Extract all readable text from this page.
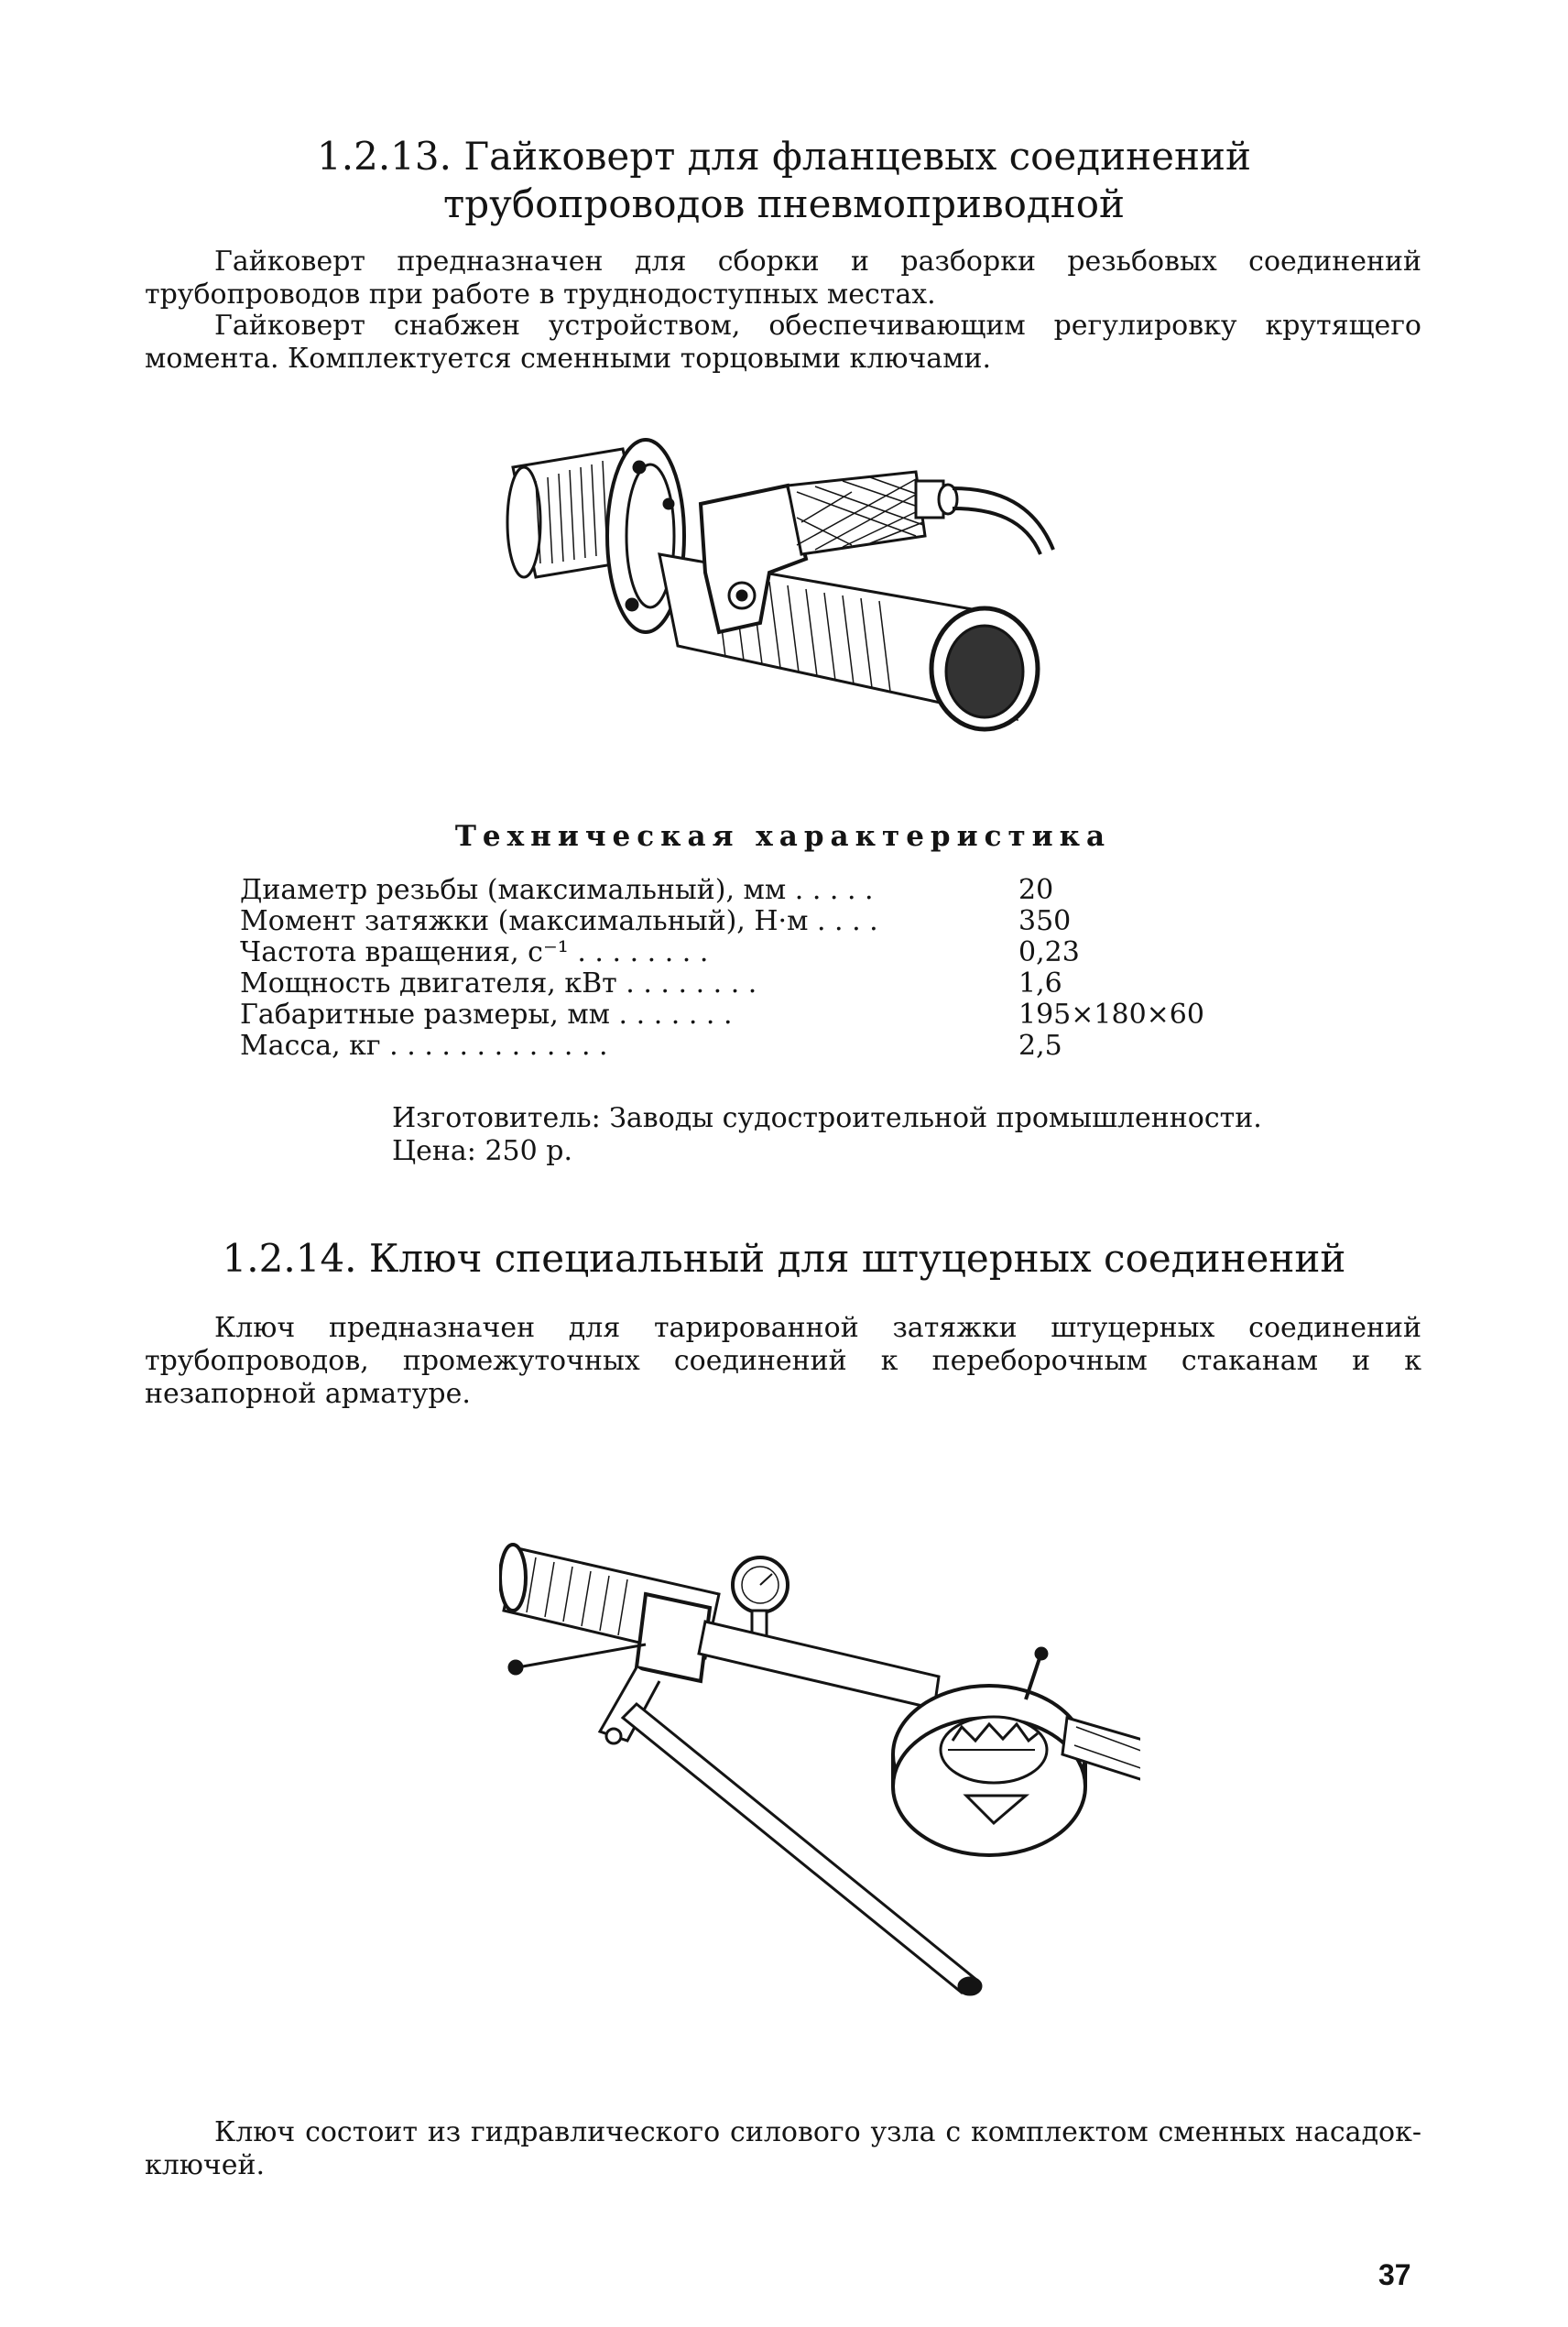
1.2.13. Гайковерт для фланцевых соединений
трубопроводов пневмоприводной

Гайковерт предназначен для сборки и разборки резьбовых соединений трубопроводов при работе в труднодоступных местах.

Гайковерт снабжен устройством, обеспечивающим регулировку крутящего момента. Комплектуется сменными торцовыми ключами.

Техническая характеристика
Диаметр резьбы (максимальный), мм . . . . .	20
Момент затяжки (максимальный), Н·м . . . .	350
Частота вращения, с⁻¹ . . . . . . . .	0,23
Мощность двигателя, кВт . . . . . . . .	1,6
Габаритные размеры, мм . . . . . . .	195×180×60
Масса, кг . . . . . . . . . . . . .	2,5

Изготовитель: Заводы судостроительной промышленности.

Цена: 250 р.

1.2.14. Ключ специальный для штуцерных соединений

Ключ предназначен для тарированной затяжки штуцерных соединений трубопроводов, промежуточных соединений к переборочным стаканам и к незапорной арматуре.

Ключ состоит из гидравлического силового узла с комплектом сменных насадок-ключей.

37
